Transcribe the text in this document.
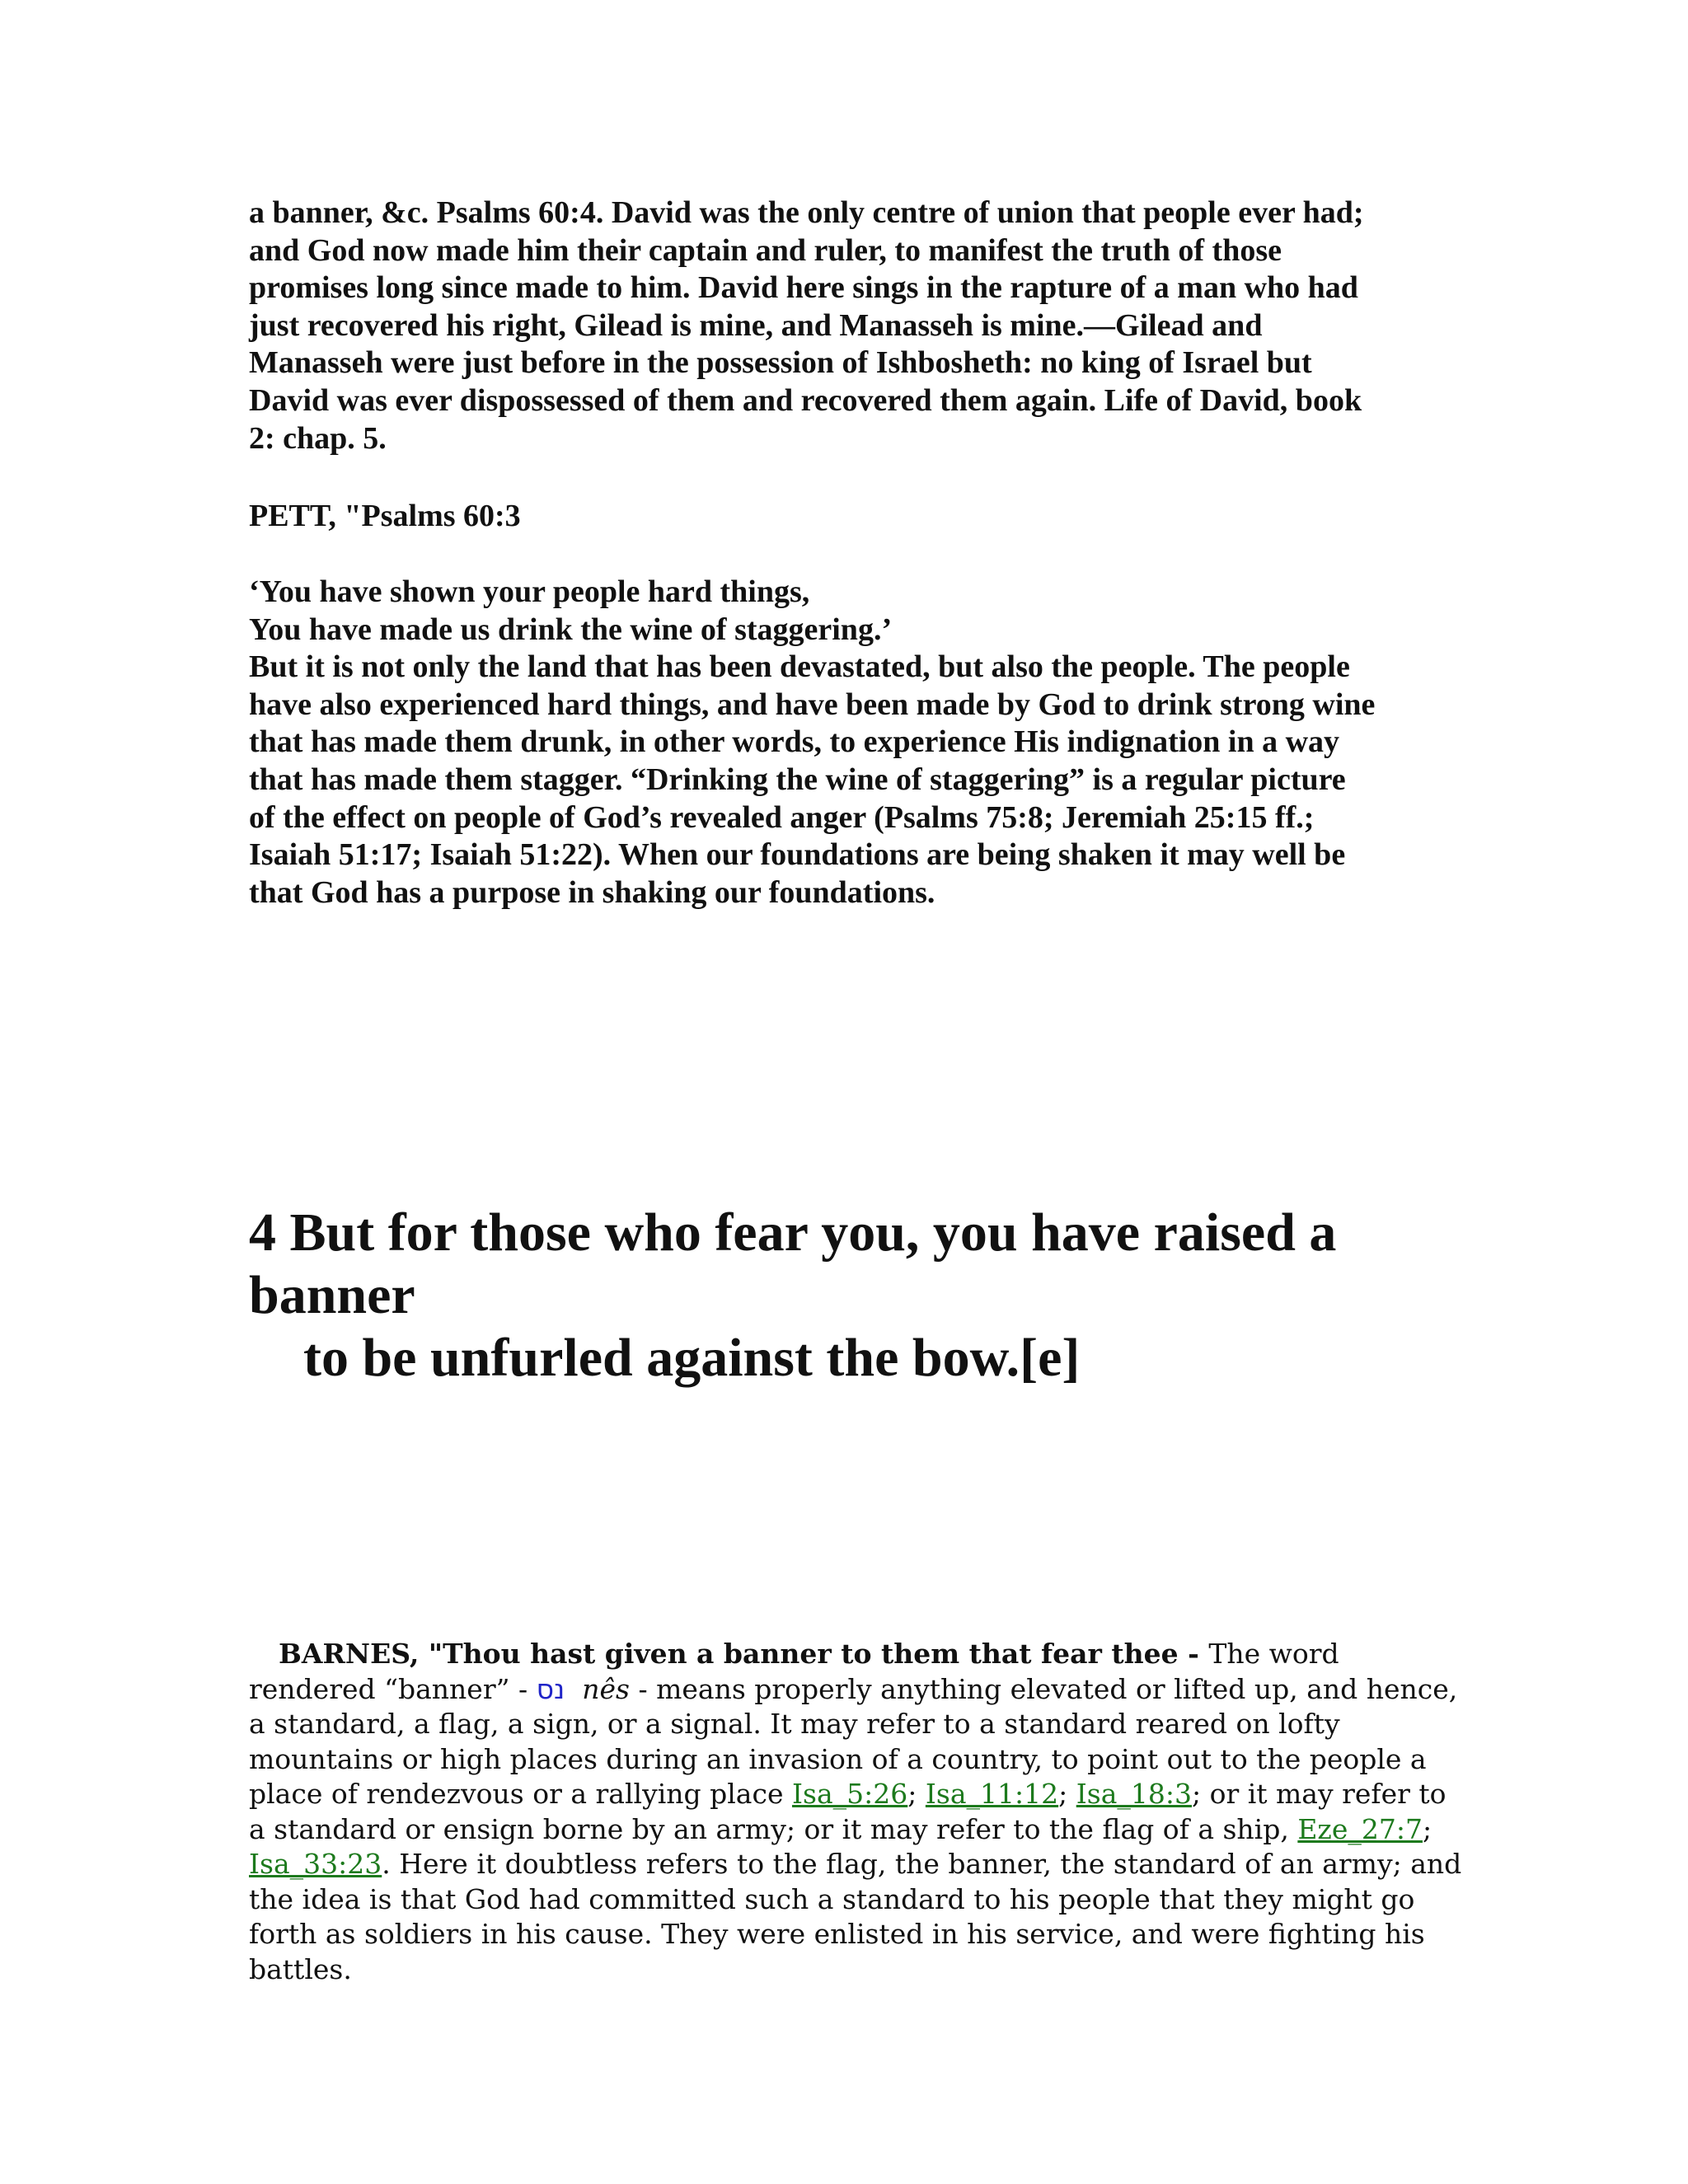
a banner, &c. Psalms 60:4. David was the only centre of union that people ever had;

and God now made him their captain and ruler, to manifest the truth of those

promises long since made to him. David here sings in the rapture of a man who had

just recovered his right, Gilead is mine, and Manasseh is mine.—Gilead and

Manasseh were just before in the possession of Ishbosheth: no king of Israel but

David was ever dispossessed of them and recovered them again. Life of David, book

2: chap. 5.

PETT, "Psalms 60:3

‘You have shown your people hard things,

You have made us drink the wine of staggering.’

But it is not only the land that has been devastated, but also the people. The people

have also experienced hard things, and have been made by God to drink strong wine

that has made them drunk, in other words, to experience His indignation in a way

that has made them stagger. “Drinking the wine of staggering” is a regular picture

of the effect on people of God’s revealed anger (Psalms 75:8; Jeremiah 25:15 ff.;

Isaiah 51:17; Isaiah 51:22). When our foundations are being shaken it may well be

that God has a purpose in shaking our foundations.

4 But for those who fear you, you have raised a
banner
to be unfurled against the bow.[e]
BARNES, "Thou hast given a banner to them that fear thee - The word rendered “banner” - נס nês - means properly anything elevated or lifted up, and hence, a standard, a flag, a sign, or a signal. It may refer to a standard reared on lofty mountains or high places during an invasion of a country, to point out to the people a place of rendezvous or a rallying place Isa_5:26; Isa_11:12; Isa_18:3; or it may refer to a standard or ensign borne by an army; or it may refer to the flag of a ship, Eze_27:7; Isa_33:23. Here it doubtless refers to the flag, the banner, the standard of an army; and the idea is that God had committed such a standard to his people that they might go forth as soldiers in his cause. They were enlisted in his service, and were fighting his battles.
